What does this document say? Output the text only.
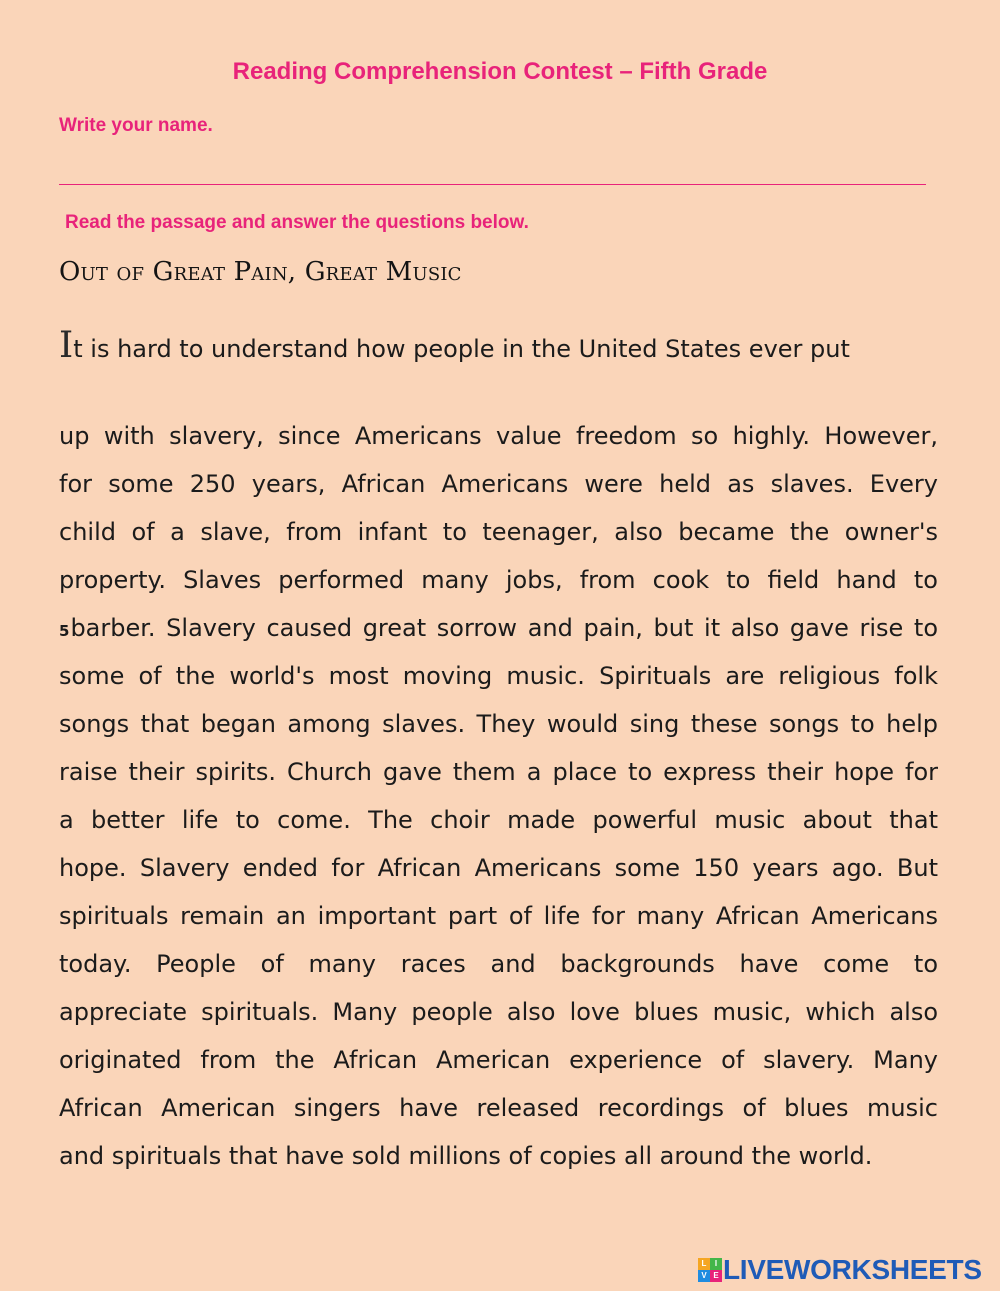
Reading Comprehension Contest – Fifth Grade
Write your name.
Read the passage and answer the questions below.
Out of Great Pain, Great Music
It is hard to understand how people in the United States ever put
up with slavery, since Americans value freedom so highly. However,
for some 250 years, African Americans were held as slaves. Every
child of a slave, from infant to teenager, also became the owner's
property. Slaves performed many jobs, from cook to field hand to
5barber. Slavery caused great sorrow and pain, but it also gave rise to
some of the world's most moving music. Spirituals are religious folk
songs that began among slaves. They would sing these songs to help
raise their spirits. Church gave them a place to express their hope for
a better life to come. The choir made powerful music about that
hope. Slavery ended for African Americans some 150 years ago. But
spirituals remain an important part of life for many African Americans
today. People of many races and backgrounds have come to
appreciate spirituals. Many people also love blues music, which also
originated from the African American experience of slavery. Many
African American singers have released recordings of blues music
and spirituals that have sold millions of copies all around the world.
L	I
V E LIVEWORKSHEETS
